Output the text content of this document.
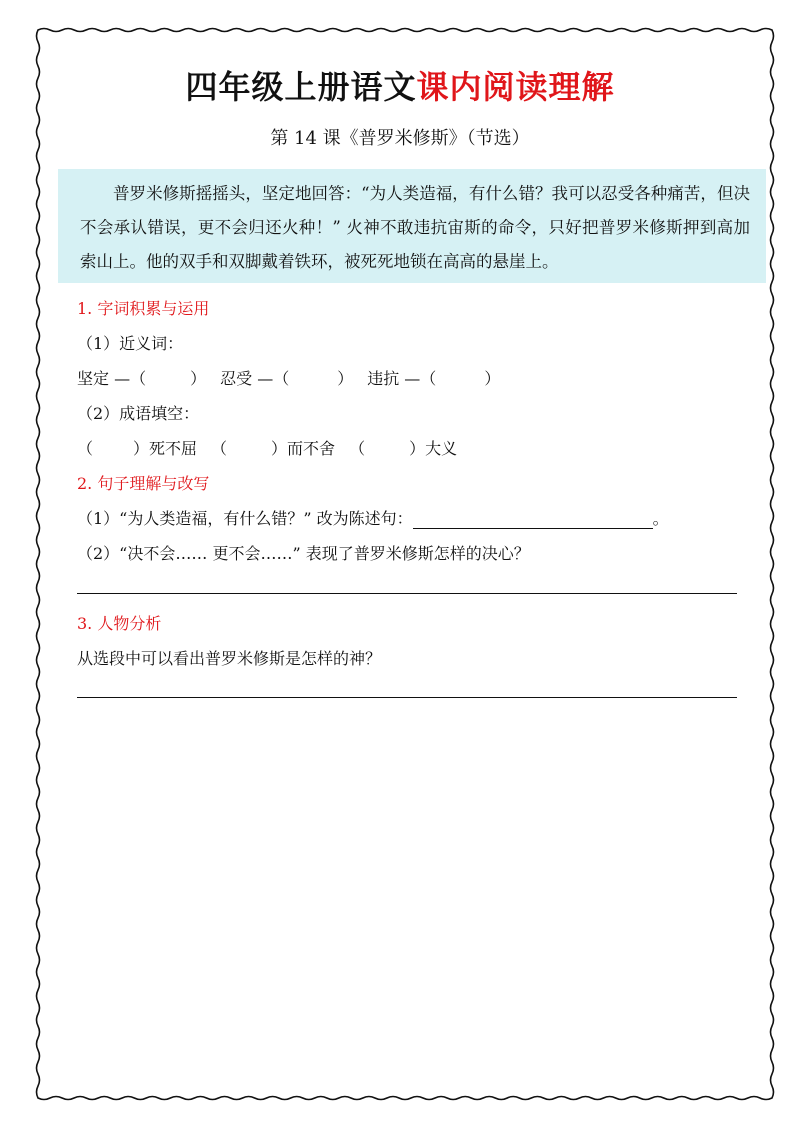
四年级上册语文课内阅读理解
第 14 课《普罗米修斯》（节选）

普罗米修斯摇摇头，坚定地回答：“为人类造福，有什么错？我可以忍受各种痛苦，但决不会承认错误，更不会归还火种！” 火神不敢违抗宙斯的命令，只好把普罗米修斯押到高加索山上。他的双手和双脚戴着铁环，被死死地锁在高高的悬崖上。

1. 字词积累与运用
（1）近义词：
坚定 —（	） 忍受 —（	） 违抗 —（	）
（2）成语填空：
（	）死不屈 （	）而不舍 （	）大义
2. 句子理解与改写
（1）“为人类造福，有什么错？” 改为陈述句：	。
（2）“决不会…… 更不会……” 表现了普罗米修斯怎样的决心？
3. 人物分析
从选段中可以看出普罗米修斯是怎样的神？
